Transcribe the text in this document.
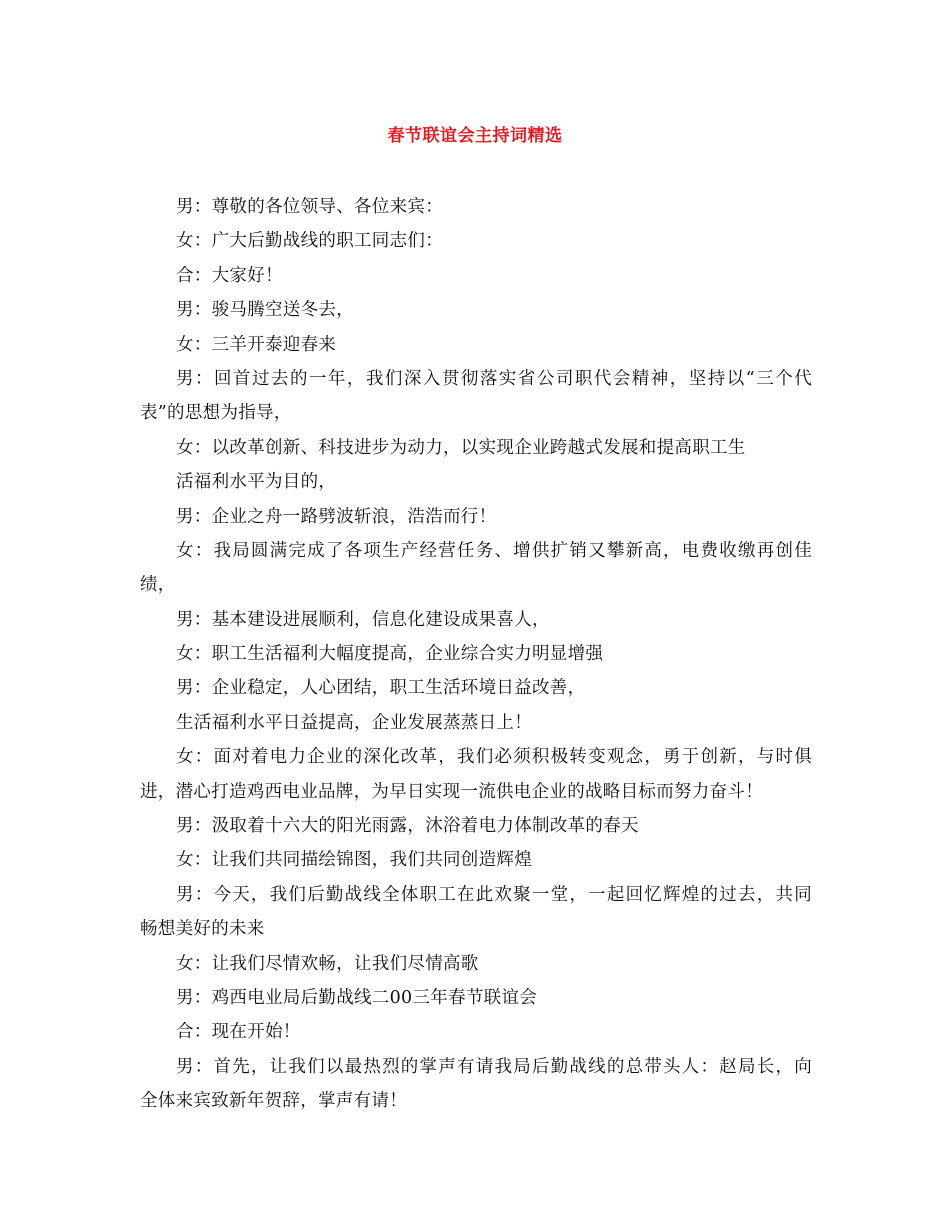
春节联谊会主持词精选
男：尊敬的各位领导、各位来宾：
女：广大后勤战线的职工同志们：
合：大家好！
男：骏马腾空送冬去，
女：三羊开泰迎春来
男：回首过去的一年，我们深入贯彻落实省公司职代会精神，坚持以“三个代
表”的思想为指导，
女：以改革创新、科技进步为动力，以实现企业跨越式发展和提高职工生
活福利水平为目的，
男：企业之舟一路劈波斩浪，浩浩而行！
女：我局圆满完成了各项生产经营任务、增供扩销又攀新高，电费收缴再创佳
绩，
男：基本建设进展顺利，信息化建设成果喜人，
女：职工生活福利大幅度提高，企业综合实力明显增强
男：企业稳定，人心团结，职工生活环境日益改善，
生活福利水平日益提高，企业发展蒸蒸日上！
女：面对着电力企业的深化改革，我们必须积极转变观念，勇于创新，与时俱
进，潜心打造鸡西电业品牌，为早日实现一流供电企业的战略目标而努力奋斗！
男：汲取着十六大的阳光雨露，沐浴着电力体制改革的春天
女：让我们共同描绘锦图，我们共同创造辉煌
男：今天，我们后勤战线全体职工在此欢聚一堂，一起回忆辉煌的过去，共同
畅想美好的未来
女：让我们尽情欢畅，让我们尽情高歌
男：鸡西电业局后勤战线二00三年春节联谊会
合：现在开始！
男：首先，让我们以最热烈的掌声有请我局后勤战线的总带头人：赵局长，向
全体来宾致新年贺辞，掌声有请！
